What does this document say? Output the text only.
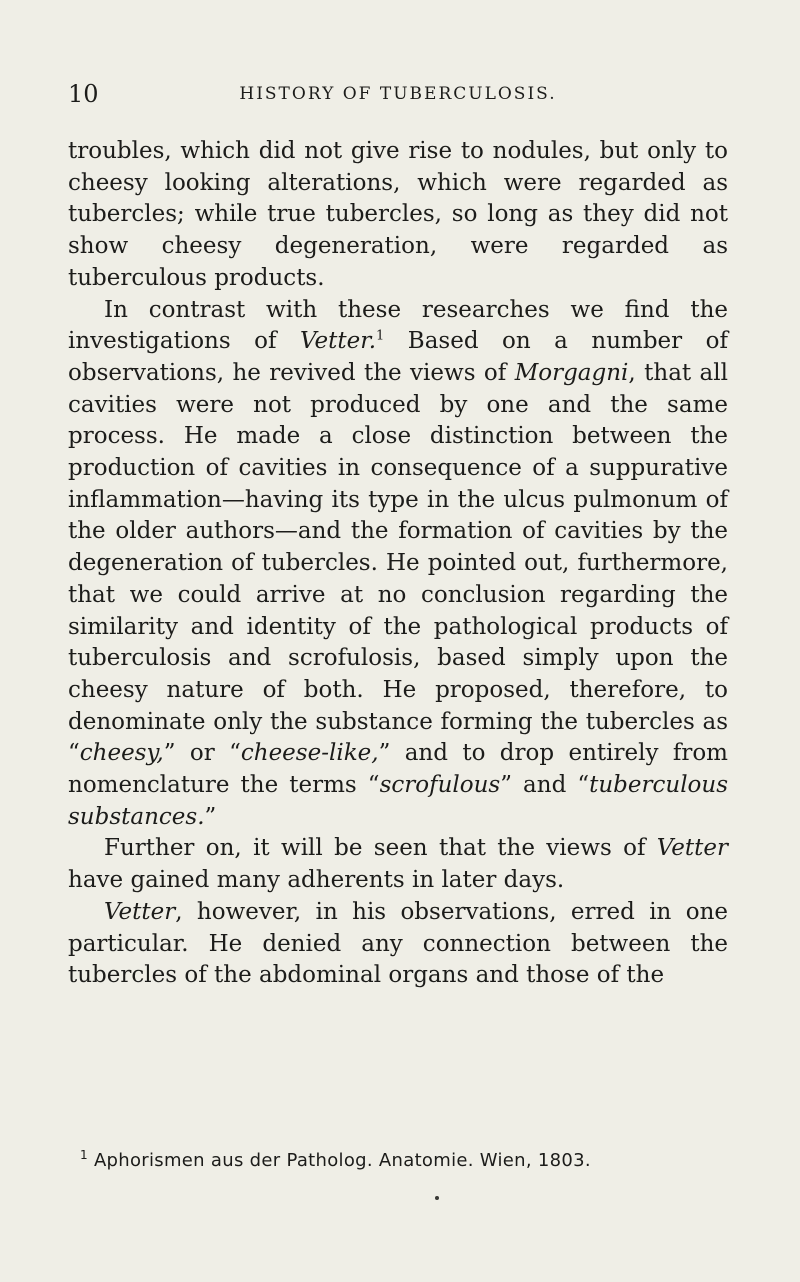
10	HISTORY OF TUBERCULOSIS.

troubles, which did not give rise to nodules, but only to cheesy looking alterations, which were regarded as tubercles; while true tubercles, so long as they did not show cheesy degeneration, were regarded as tuberculous products.

In contrast with these researches we find the investigations of Vetter.$^1$ Based on a number of observations, he revived the views of Morgagni, that all cavities were not produced by one and the same process. He made a close distinction between the production of cavities in consequence of a suppurative inflammation—having its type in the ulcus pulmonum of the older authors—and the formation of cavities by the degeneration of tubercles. He pointed out, furthermore, that we could arrive at no conclusion regarding the similarity and identity of the pathological products of tuberculosis and scrofulosis, based simply upon the cheesy nature of both. He proposed, therefore, to denominate only the substance forming the tubercles as “cheesy,” or “cheese-like,” and to drop entirely from nomenclature the terms “scrofulous” and “tuberculous substances.”

Further on, it will be seen that the views of Vetter have gained many adherents in later days.

Vetter, however, in his observations, erred in one particular. He denied any connection between the tubercles of the abdominal organs and those of the

$^1$ Aphorismen aus der Patholog. Anatomie. Wien, 1803.
